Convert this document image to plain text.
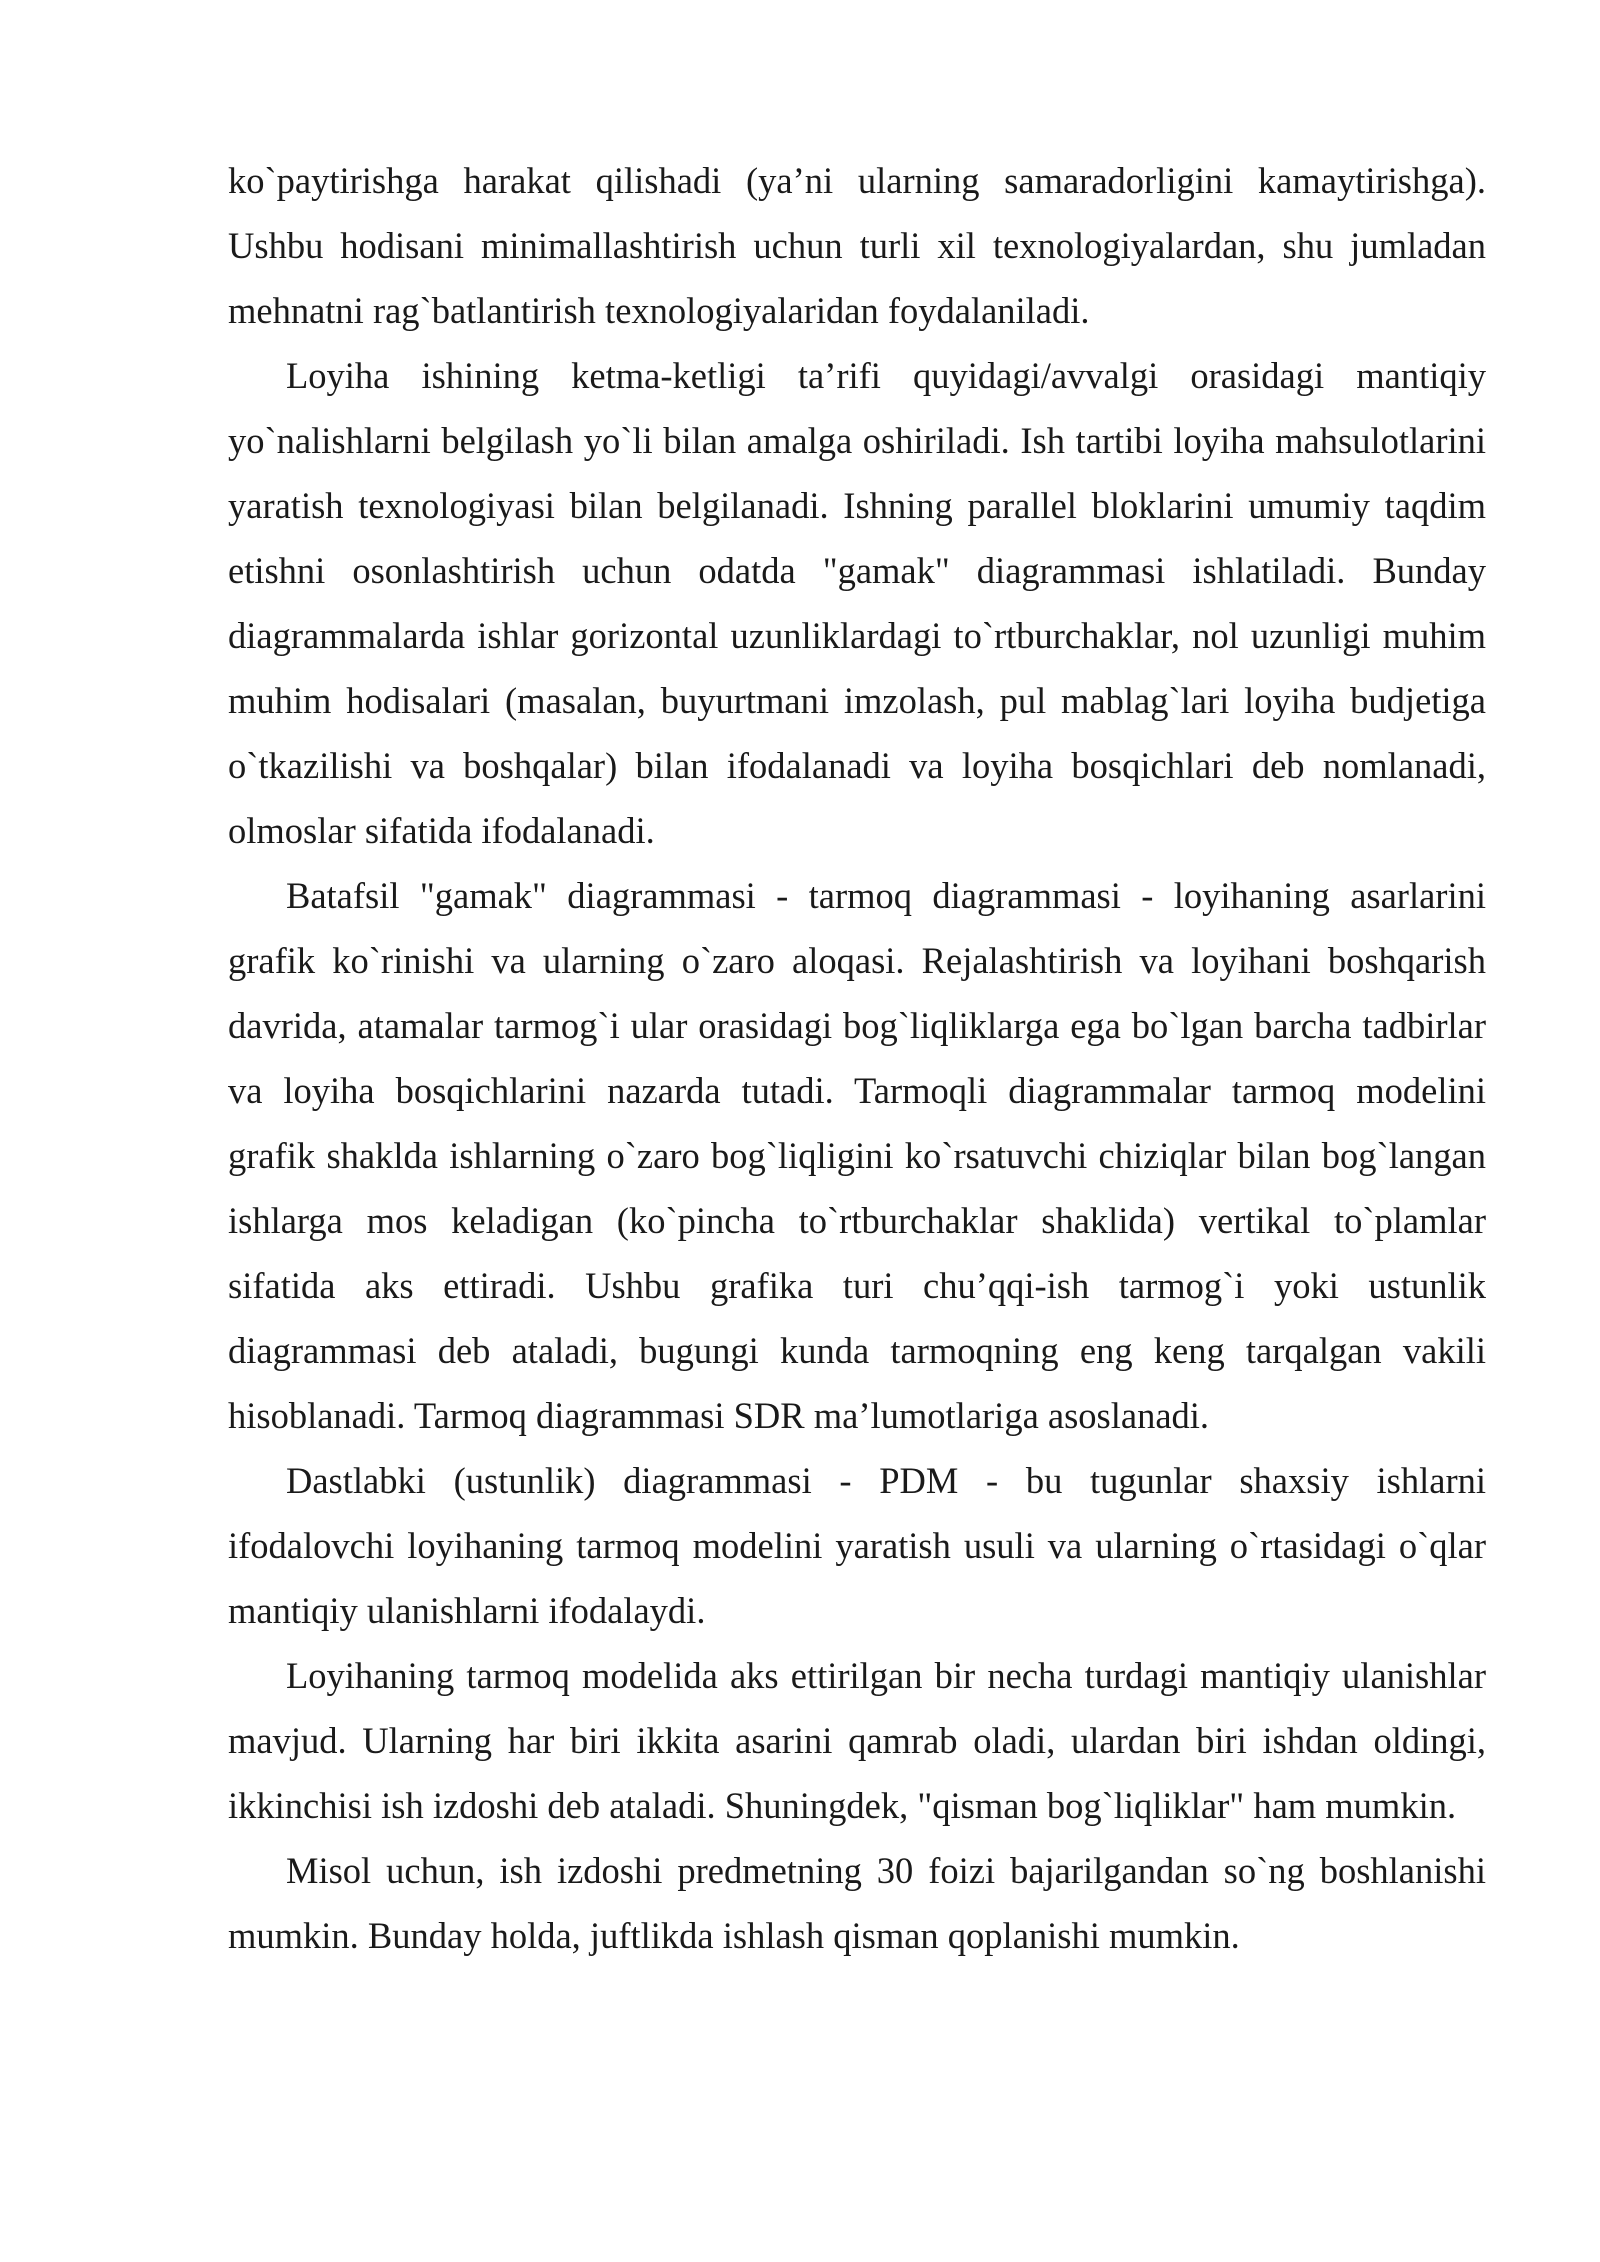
ko`paytirishga harakat qilishadi (ya’ni ularning samaradorligini kamaytirishga). Ushbu hodisani minimallashtirish uchun turli xil texnologiyalardan, shu jumladan mehnatni rag`batlantirish texnologiyalaridan foydalaniladi.

Loyiha ishining ketma-ketligi ta’rifi quyidagi/avvalgi orasidagi mantiqiy yo`nalishlarni belgilash yo`li bilan amalga oshiriladi. Ish tartibi loyiha mahsulotlarini yaratish texnologiyasi bilan belgilanadi. Ishning parallel bloklarini umumiy taqdim etishni osonlashtirish uchun odatda "gamak" diagrammasi ishlatiladi. Bunday diagrammalarda ishlar gorizontal uzunliklardagi to`rtburchaklar, nol uzunligi muhim muhim hodisalari (masalan, buyurtmani imzolash, pul mablag`lari loyiha budjetiga o`tkazilishi va boshqalar) bilan ifodalanadi va loyiha bosqichlari deb nomlanadi, olmoslar sifatida ifodalanadi.

Batafsil "gamak" diagrammasi - tarmoq diagrammasi - loyihaning asarlarini grafik ko`rinishi va ularning o`zaro aloqasi. Rejalashtirish va loyihani boshqarish davrida, atamalar tarmog`i ular orasidagi bog`liqliklarga ega bo`lgan barcha tadbirlar va loyiha bosqichlarini nazarda tutadi. Tarmoqli diagrammalar tarmoq modelini grafik shaklda ishlarning o`zaro bog`liqligini ko`rsatuvchi chiziqlar bilan bog`langan ishlarga mos keladigan (ko`pincha to`rtburchaklar shaklida) vertikal to`plamlar sifatida aks ettiradi. Ushbu grafika turi chu’qqi-ish tarmog`i yoki ustunlik diagrammasi deb ataladi, bugungi kunda tarmoqning eng keng tarqalgan vakili hisoblanadi. Tarmoq diagrammasi SDR ma’lumotlariga asoslanadi.

Dastlabki (ustunlik) diagrammasi - PDM - bu tugunlar shaxsiy ishlarni ifodalovchi loyihaning tarmoq modelini yaratish usuli va ularning o`rtasidagi o`qlar mantiqiy ulanishlarni ifodalaydi.

Loyihaning tarmoq modelida aks ettirilgan bir necha turdagi mantiqiy ulanishlar mavjud. Ularning har biri ikkita asarini qamrab oladi, ulardan biri ishdan oldingi, ikkinchisi ish izdoshi deb ataladi. Shuningdek, "qisman bog`liqliklar" ham mumkin.

Misol uchun, ish izdoshi predmetning 30 foizi bajarilgandan so`ng boshlanishi mumkin. Bunday holda, juftlikda ishlash qisman qoplanishi mumkin.
